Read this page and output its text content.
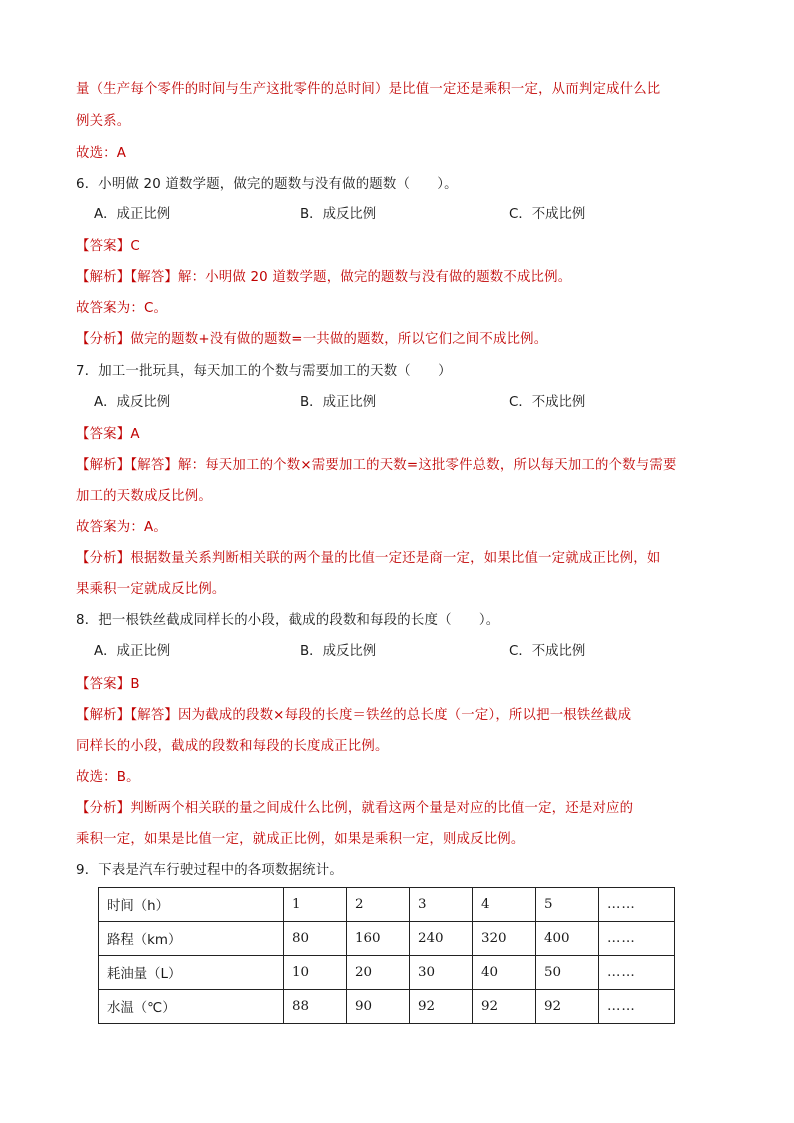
量（生产每个零件的时间与生产这批零件的总时间）是比值一定还是乘积一定，从而判定成什么比
例关系。
故选：A
6．小明做 20 道数学题，做完的题数与没有做的题数（　　）。
A．成正比例	B．成反比例	C．不成比例
【答案】C
【解析】【解答】解：小明做 20 道数学题，做完的题数与没有做的题数不成比例。
故答案为：C。
【分析】做完的题数+没有做的题数=一共做的题数，所以它们之间不成比例。
7．加工一批玩具，每天加工的个数与需要加工的天数（　　）
A．成反比例	B．成正比例	C．不成比例
【答案】A
【解析】【解答】解：每天加工的个数×需要加工的天数=这批零件总数，所以每天加工的个数与需要
加工的天数成反比例。
故答案为：A。
【分析】根据数量关系判断相关联的两个量的比值一定还是商一定，如果比值一定就成正比例，如
果乘积一定就成反比例。
8．把一根铁丝截成同样长的小段，截成的段数和每段的长度（　　）。
A．成正比例	B．成反比例	C．不成比例
【答案】B
【解析】【解答】因为截成的段数×每段的长度＝铁丝的总长度（一定），所以把一根铁丝截成
同样长的小段，截成的段数和每段的长度成正比例。
故选：B。
【分析】判断两个相关联的量之间成什么比例，就看这两个量是对应的比值一定，还是对应的
乘积一定，如果是比值一定，就成正比例，如果是乘积一定，则成反比例。
9．下表是汽车行驶过程中的各项数据统计。
时间（h）	1	2	3	4	5	……
路程（km）	80	160	240	320	400	……
耗油量（L）	10	20	30	40	50	……
水温（℃）	88	90	92	92	92	……
